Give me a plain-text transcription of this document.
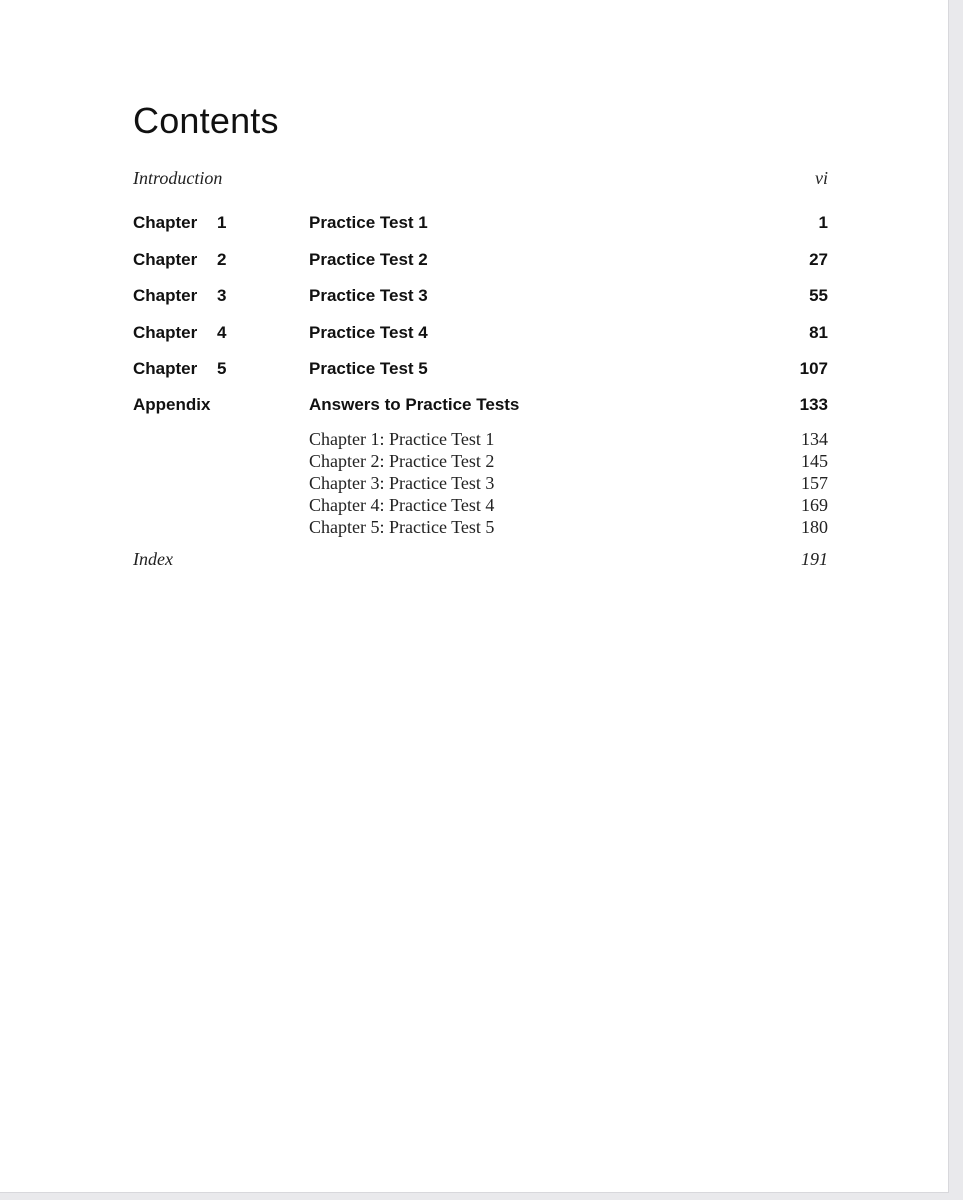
Contents
Introduction	vi
Chapter 1	Practice Test 1	1
Chapter 2	Practice Test 2	27
Chapter 3	Practice Test 3	55
Chapter 4	Practice Test 4	81
Chapter 5	Practice Test 5	107
Appendix	Answers to Practice Tests	133
Chapter 1: Practice Test 1	134
Chapter 2: Practice Test 2	145
Chapter 3: Practice Test 3	157
Chapter 4: Practice Test 4	169
Chapter 5: Practice Test 5	180
Index	191
